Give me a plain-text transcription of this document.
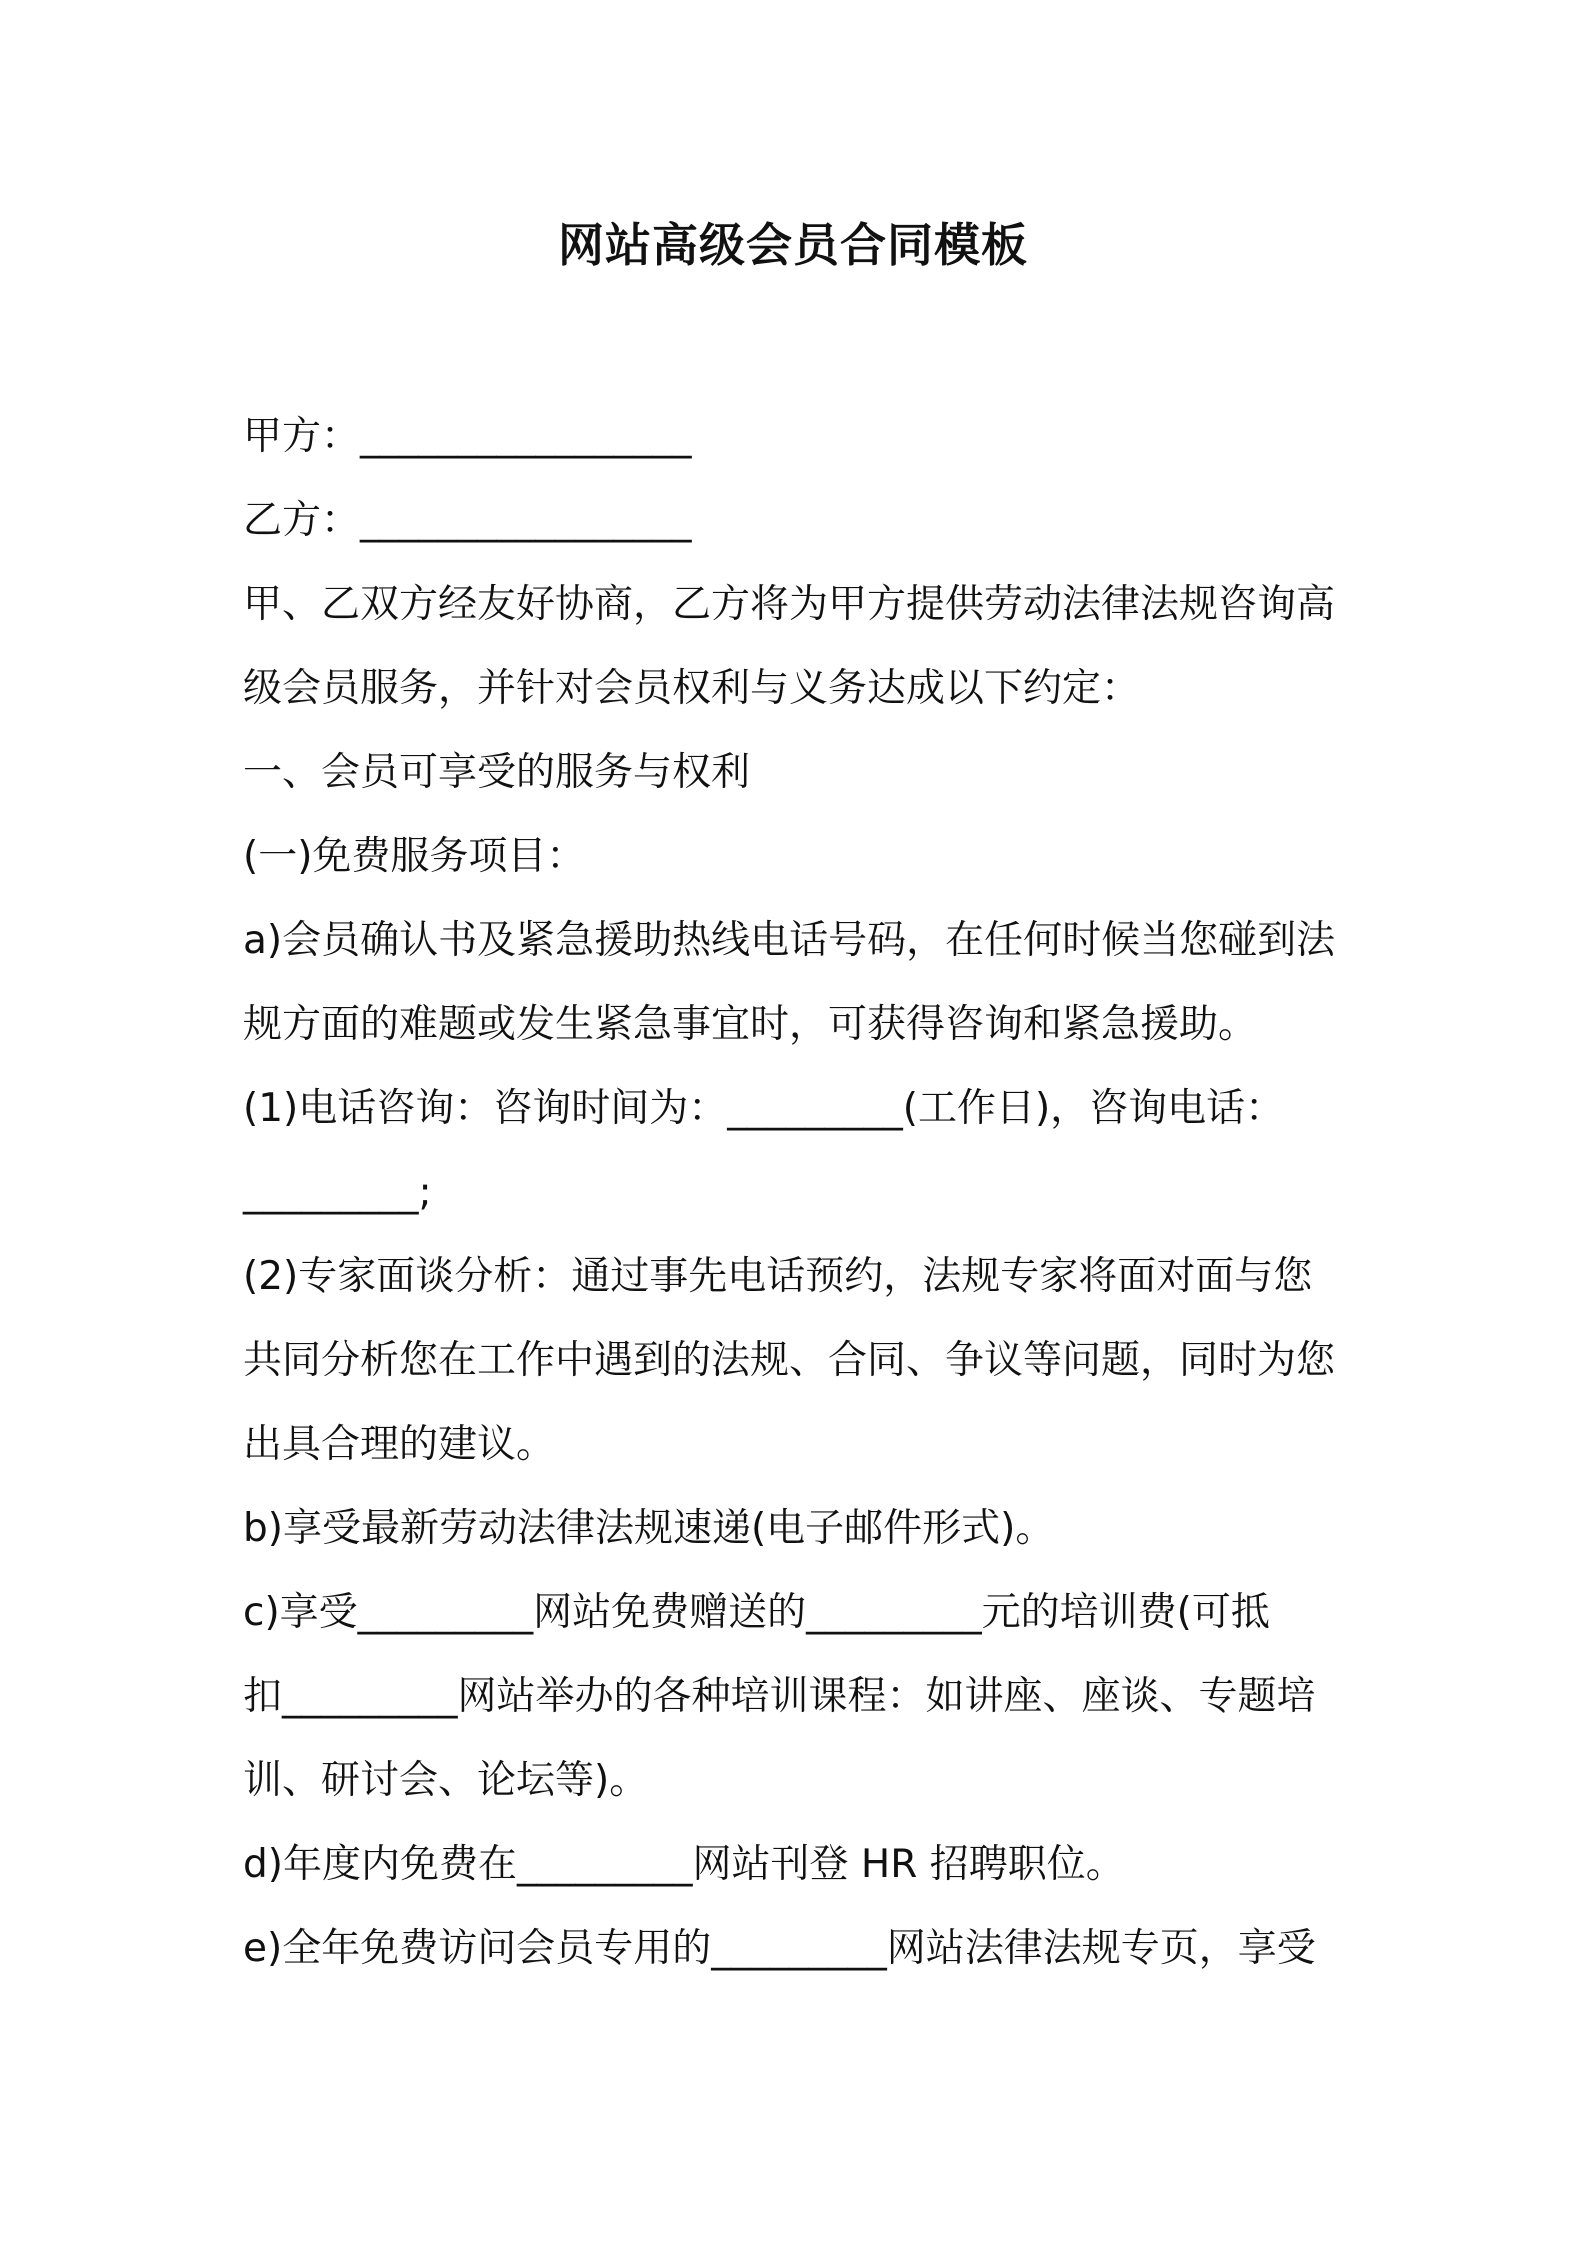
网站高级会员合同模板

甲方：_________________

乙方：_________________

甲、乙双方经友好协商，乙方将为甲方提供劳动法律法规咨询高

级会员服务，并针对会员权利与义务达成以下约定：

一、会员可享受的服务与权利

(一)免费服务项目：

a)会员确认书及紧急援助热线电话号码，在任何时候当您碰到法

规方面的难题或发生紧急事宜时，可获得咨询和紧急援助。

(1)电话咨询：咨询时间为：_________(工作日)，咨询电话：

_________;

(2)专家面谈分析：通过事先电话预约，法规专家将面对面与您

共同分析您在工作中遇到的法规、合同、争议等问题，同时为您

出具合理的建议。

b)享受最新劳动法律法规速递(电子邮件形式)。

c)享受_________网站免费赠送的_________元的培训费(可抵

扣_________网站举办的各种培训课程：如讲座、座谈、专题培

训、研讨会、论坛等)。

d)年度内免费在_________网站刊登 HR 招聘职位。

e)全年免费访问会员专用的_________网站法律法规专页，享受
